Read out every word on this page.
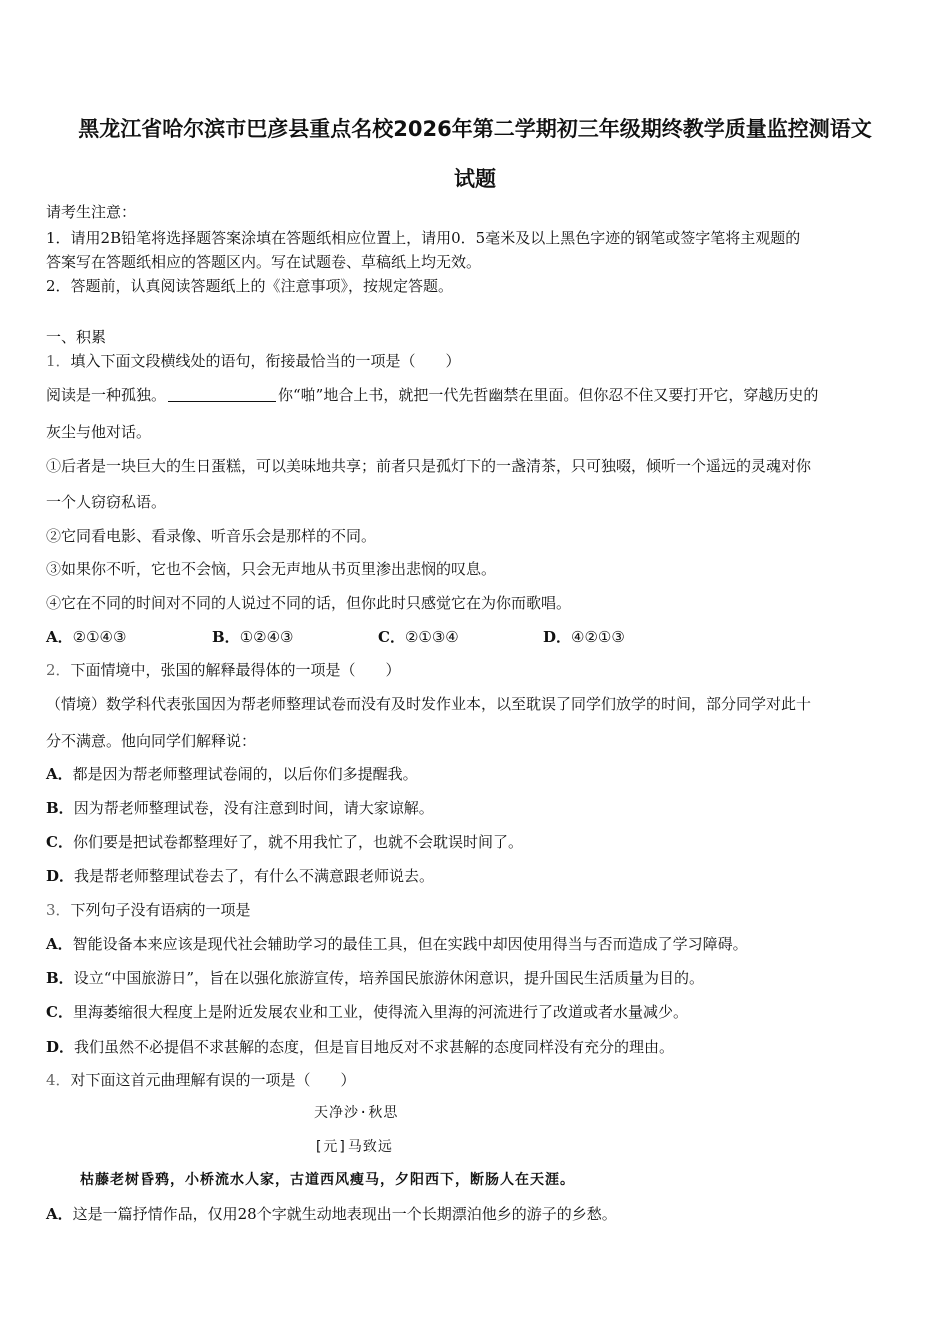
黑龙江省哈尔滨市巴彦县重点名校2026年第二学期初三年级期终教学质量监控测语文
试题
请考生注意：
1．请用2B铅笔将选择题答案涂填在答题纸相应位置上，请用0．5毫米及以上黑色字迹的钢笔或签字笔将主观题的
答案写在答题纸相应的答题区内。写在试题卷、草稿纸上均无效。
2．答题前，认真阅读答题纸上的《注意事项》，按规定答题。
一、积累
1．填入下面文段横线处的语句，衔接最恰当的一项是（　　）
阅读是一种孤独。	你“啪”地合上书，就把一代先哲幽禁在里面。但你忍不住又要打开它，穿越历史的
灰尘与他对话。
①后者是一块巨大的生日蛋糕，可以美味地共享；前者只是孤灯下的一盏清茶，只可独啜，倾听一个遥远的灵魂对你
一个人窃窃私语。
②它同看电影、看录像、听音乐会是那样的不同。
③如果你不听，它也不会恼，只会无声地从书页里渗出悲悯的叹息。
④它在不同的时间对不同的人说过不同的话，但你此时只感觉它在为你而歌唱。
A．②①④③	B．①②④③	C．②①③④	D．④②①③
2．下面情境中，张国的解释最得体的一项是（　　）
（情境）数学科代表张国因为帮老师整理试卷而没有及时发作业本，以至耽误了同学们放学的时间，部分同学对此十
分不满意。他向同学们解释说：
A．都是因为帮老师整理试卷闹的，以后你们多提醒我。
B．因为帮老师整理试卷，没有注意到时间，请大家谅解。
C．你们要是把试卷都整理好了，就不用我忙了，也就不会耽误时间了。
D．我是帮老师整理试卷去了，有什么不满意跟老师说去。
3．下列句子没有语病的一项是
A．智能设备本来应该是现代社会辅助学习的最佳工具，但在实践中却因使用得当与否而造成了学习障碍。
B．设立“中国旅游日”，旨在以强化旅游宣传，培养国民旅游休闲意识，提升国民生活质量为目的。
C．里海萎缩很大程度上是附近发展农业和工业，使得流入里海的河流进行了改道或者水量减少。
D．我们虽然不必提倡不求甚解的态度，但是盲目地反对不求甚解的态度同样没有充分的理由。
4．对下面这首元曲理解有误的一项是（　　）
天净沙·秋思
[元]马致远
枯藤老树昏鸦，小桥流水人家，古道西风瘦马，夕阳西下，断肠人在天涯。
A．这是一篇抒情作品，仅用28个字就生动地表现出一个长期漂泊他乡的游子的乡愁。
